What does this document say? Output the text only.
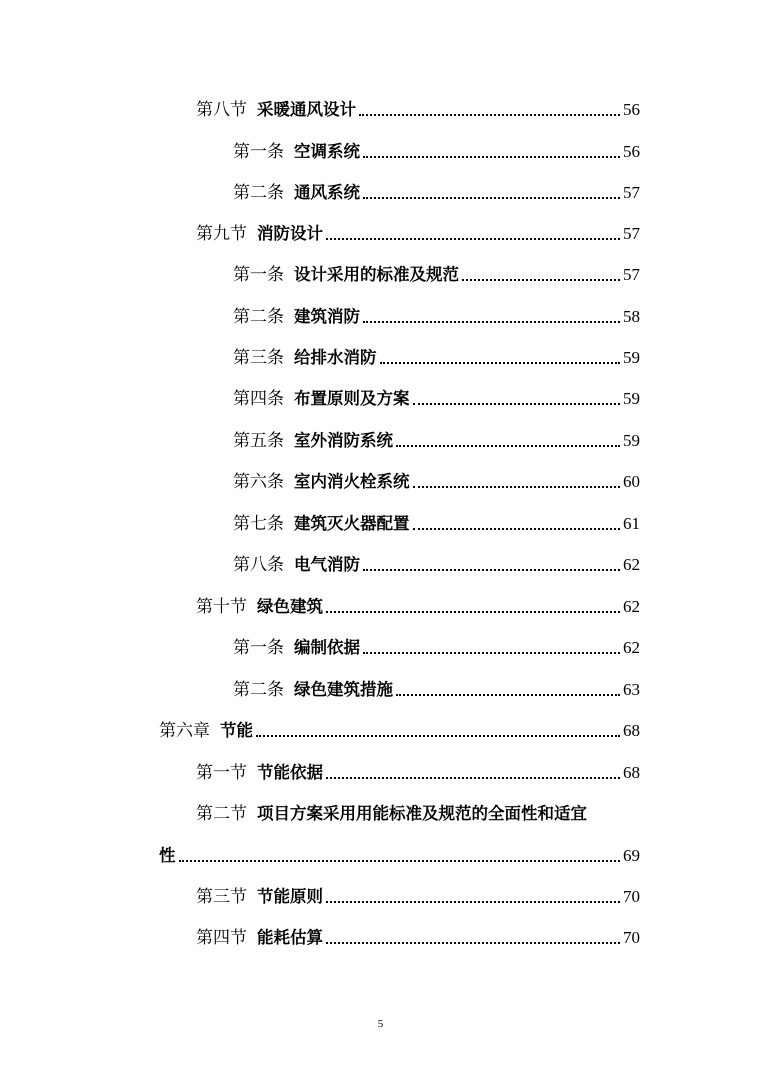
第八节 采暖通风设计	56
第一条 空调系统	56
第二条 通风系统	57
第九节 消防设计	57
第一条 设计采用的标准及规范	57
第二条 建筑消防	58
第三条 给排水消防	59
第四条 布置原则及方案	59
第五条 室外消防系统	59
第六条 室内消火栓系统	60
第七条 建筑灭火器配置	61
第八条 电气消防	62
第十节 绿色建筑	62
第一条 编制依据	62
第二条 绿色建筑措施	63
第六章 节能	68
第一节 节能依据	68
第二节 项目方案采用用能标准及规范的全面性和适宜
性	69
第三节 节能原则	70
第四节 能耗估算	70
5
